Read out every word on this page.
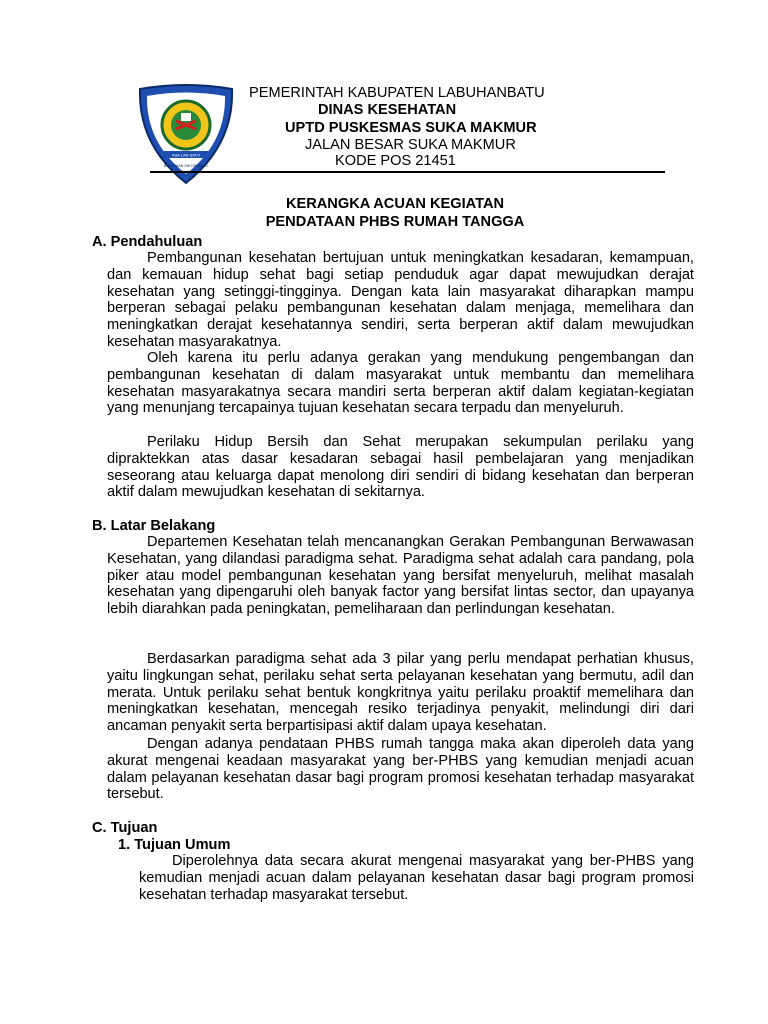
ASA LAN SATO
BHI NEKAN SHI DWOMLO
PEMERINTAH KABUPATEN LABUHANBATU
DINAS KESEHATAN
UPTD PUSKESMAS SUKA MAKMUR
JALAN BESAR SUKA MAKMUR
KODE POS 21451
KERANGKA ACUAN KEGIATAN
PENDATAAN PHBS RUMAH TANGGA
A. Pendahuluan
Pembangunan kesehatan bertujuan untuk meningkatkan kesadaran, kemampuan, dan kemauan hidup sehat bagi setiap penduduk agar dapat mewujudkan derajat kesehatan yang setinggi-tingginya. Dengan kata lain masyarakat diharapkan mampu berperan sebagai pelaku pembangunan kesehatan dalam menjaga, memelihara dan meningkatkan derajat kesehatannya sendiri, serta berperan aktif dalam mewujudkan kesehatan masyarakatnya.
Oleh karena itu perlu adanya gerakan yang mendukung pengembangan dan pembangunan kesehatan di dalam masyarakat untuk membantu dan memelihara kesehatan masyarakatnya secara mandiri serta berperan aktif dalam kegiatan-kegiatan yang menunjang tercapainya tujuan kesehatan secara terpadu dan menyeluruh.
Perilaku Hidup Bersih dan Sehat merupakan sekumpulan perilaku yang dipraktekkan atas dasar kesadaran sebagai hasil pembelajaran yang menjadikan seseorang atau keluarga dapat menolong diri sendiri di bidang kesehatan dan berperan aktif dalam mewujudkan kesehatan di sekitarnya.
B. Latar Belakang
Departemen Kesehatan telah mencanangkan Gerakan Pembangunan Berwawasan Kesehatan, yang dilandasi paradigma sehat. Paradigma sehat adalah cara pandang, pola piker atau model pembangunan kesehatan yang bersifat menyeluruh, melihat masalah kesehatan yang dipengaruhi oleh banyak factor yang bersifat lintas sector, dan upayanya lebih diarahkan pada peningkatan, pemeliharaan dan perlindungan kesehatan.
Berdasarkan paradigma sehat ada 3 pilar yang perlu mendapat perhatian khusus, yaitu lingkungan sehat, perilaku sehat serta pelayanan kesehatan yang bermutu, adil dan merata. Untuk perilaku sehat bentuk kongkritnya yaitu perilaku proaktif memelihara dan meningkatkan kesehatan, mencegah resiko terjadinya penyakit, melindungi diri dari ancaman penyakit serta berpartisipasi aktif dalam upaya kesehatan.
Dengan adanya pendataan PHBS rumah tangga maka akan diperoleh data yang akurat mengenai keadaan masyarakat yang ber-PHBS yang kemudian menjadi acuan dalam pelayanan kesehatan dasar bagi program promosi kesehatan terhadap masyarakat tersebut.
C. Tujuan
1. Tujuan Umum
Diperolehnya data secara akurat mengenai masyarakat yang ber-PHBS yang kemudian menjadi acuan dalam pelayanan kesehatan dasar bagi program promosi kesehatan terhadap masyarakat tersebut.
